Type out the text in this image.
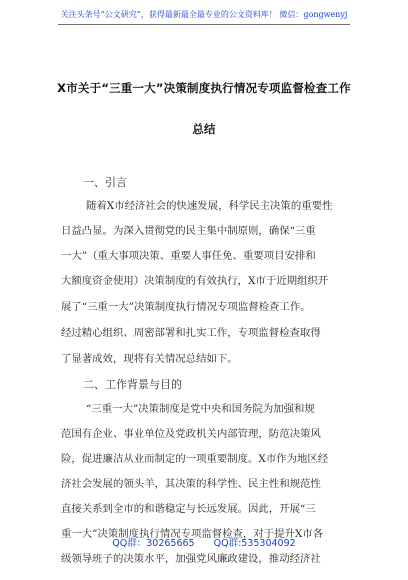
关注头条号“公文研究”，获得最新最全最专业的公文资料库！ 微信：gongwenyj
X市关于“三重一大”决策制度执行情况专项监督检查工作
总结
一、引言
随着X市经济社会的快速发展，科学民主决策的重要性
日益凸显。为深入贯彻党的民主集中制原则，确保“三重
一大”（重大事项决策、重要人事任免、重要项目安排和
大额度资金使用）决策制度的有效执行，X市于近期组织开
展了“三重一大”决策制度执行情况专项监督检查工作。
经过精心组织、周密部署和扎实工作，专项监督检查取得
了显著成效，现将有关情况总结如下。
二、工作背景与目的
“三重一大”决策制度是党中央和国务院为加强和规
范国有企业、事业单位及党政机关内部管理，防范决策风
险，促进廉洁从业而制定的一项重要制度。X市作为地区经
济社会发展的领头羊，其决策的科学性、民主性和规范性
直接关系到全市的和谐稳定与长远发展。因此，开展“三
重一大”决策制度执行情况专项监督检查，对于提升X市各
级领导班子的决策水平，加强党风廉政建设，推动经济社
QQ群：30265665 QQ群:535304092
